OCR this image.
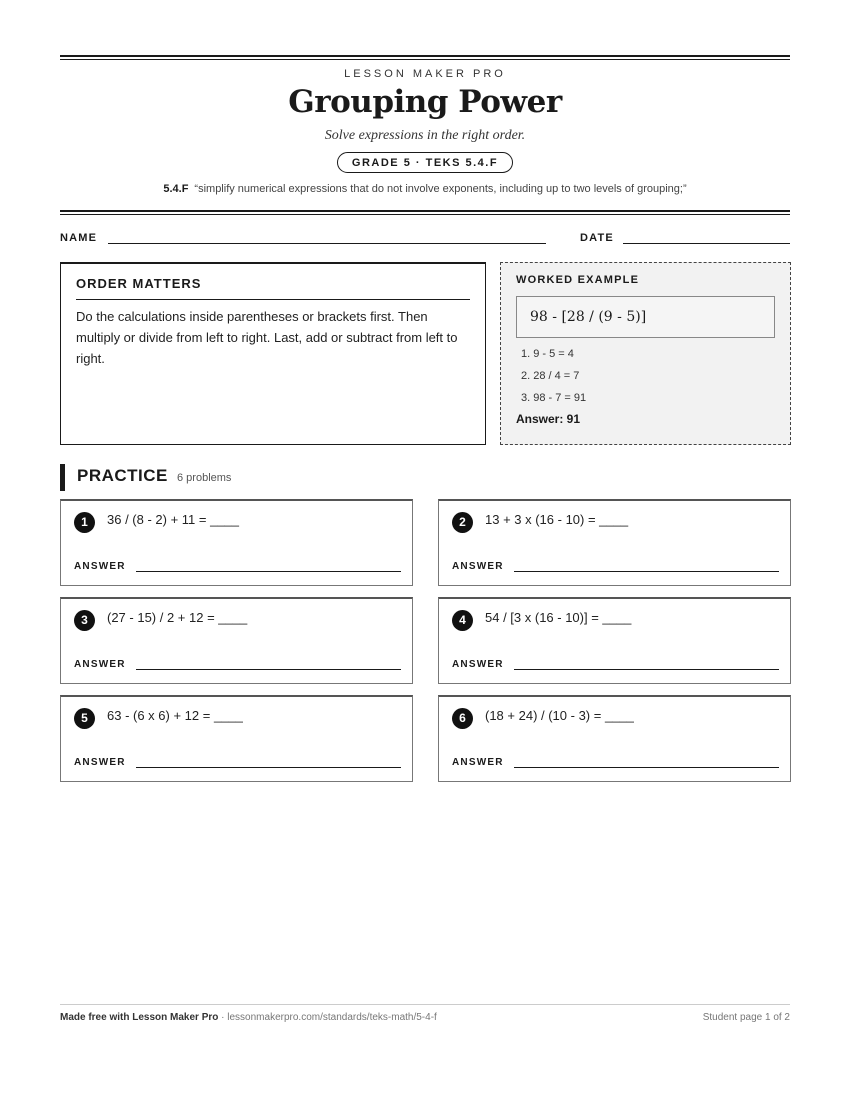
LESSON MAKER PRO
Grouping Power
Solve expressions in the right order.
GRADE 5 · TEKS 5.4.F
5.4.F “simplify numerical expressions that do not involve exponents, including up to two levels of grouping;”
NAME	DATE
ORDER MATTERS

Do the calculations inside parentheses or brackets first. Then multiply or divide from left to right. Last, add or subtract from left to right.

WORKED EXAMPLE
98 - [28 / (9 - 5)]
1. 9 - 5 = 4
2. 28 / 4 = 7
3. 98 - 7 = 91
Answer: 91
PRACTICE 6 problems
1	36 / (8 - 2) + 11 = ____
ANSWER
2	13 + 3 x (16 - 10) = ____
ANSWER
3	(27 - 15) / 2 + 12 = ____
ANSWER
4	54 / [3 x (16 - 10)] = ____
ANSWER
5	63 - (6 x 6) + 12 = ____
ANSWER
6	(18 + 24) / (10 - 3) = ____
ANSWER
Made free with Lesson Maker Pro · lessonmakerpro.com/standards/teks-math/5-4-f	Student page 1 of 2
